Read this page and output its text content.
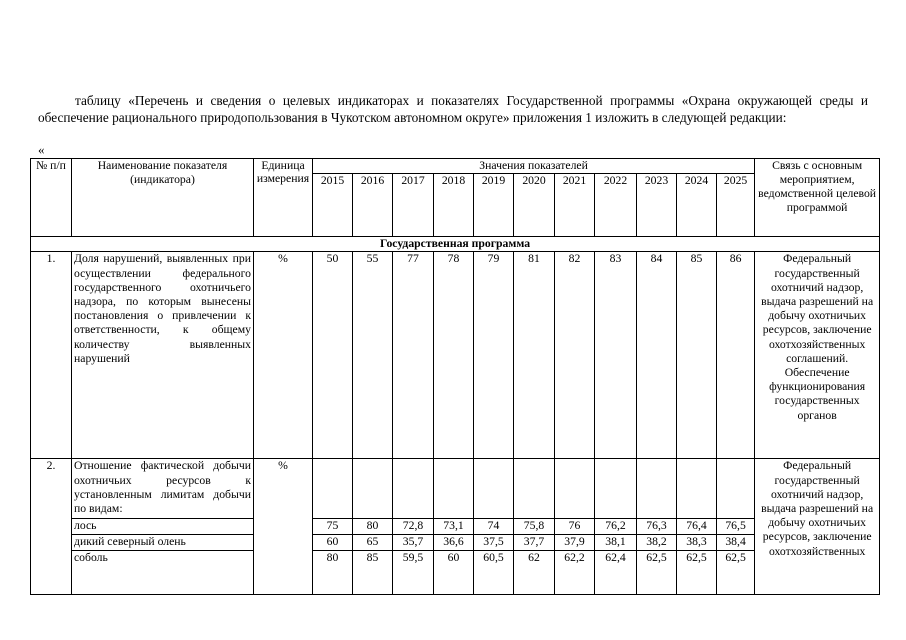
таблицу «Перечень и сведения о целевых индикаторах и показателях Государственной программы «Охрана окружающей среды и обеспечение рационального природопользования в Чукотском автономном округе» приложения 1 изложить в следующей редакции:

«
№ п/п	Наименование показателя (индикатора)	Единица измерения	Значения показателей											Связь с основным мероприятием, ведомственной целевой программой
			2015	2016	2017	2018	2019	2020	2021	2022	2023	2024	2025	
Государственная программа														
1.	Доля нарушений, выявленных при осуществлении федерального государственного охотничьего надзора, по которым вынесены постановления о привлечении к ответственности, к общему количеству выявленных нарушений	%	50	55	77	78	79	81	82	83	84	85	86	Федеральный государственный охотничий надзор, выдача разрешений на добычу охотничьих ресурсов, заключение охотхозяйственных соглашений. Обеспечение функционирования государственных органов
2.	Отношение фактической добычи охотничьих ресурсов к установленным лимитам добычи по видам:	%												Федеральный государственный охотничий надзор, выдача разрешений на добычу охотничьих ресурсов, заключение охотхозяйственных
	лось		75	80	72,8	73,1	74	75,8	76	76,2	76,3	76,4	76,5	
	дикий северный олень		60	65	35,7	36,6	37,5	37,7	37,9	38,1	38,2	38,3	38,4	
	соболь		80	85	59,5	60	60,5	62	62,2	62,4	62,5	62,5	62,5	
